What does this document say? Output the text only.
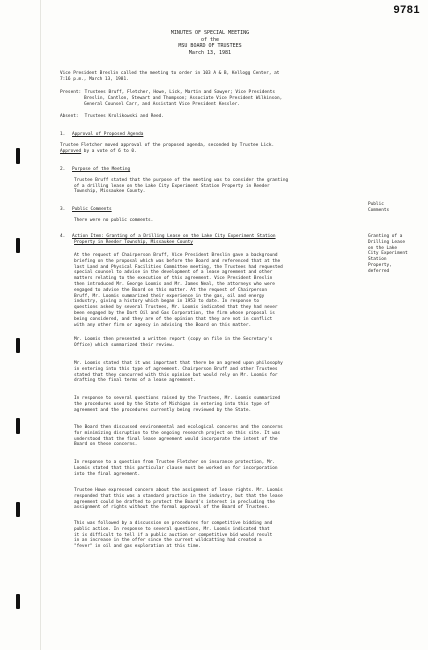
9781
MINUTES OF SPECIAL MEETING
of the
MSU BOARD OF TRUSTEES
March 13, 1981

Vice President Breslin called the meeting to order in 103 A & B, Kellogg Center, at

7:16 p.m., March 13, 1981.

Present: Trustees Bruff, Fletcher, Howe, Lick, Martin and Sawyer; Vice Presidents

Breslin, Cantlon, Stewart and Thompson; Associate Vice President Wilkinson,

General Counsel Carr, and Assistant Vice President Kessler.

Absent: Trustees Krolikowski and Reed.

1. Approval of Proposed Agenda

Trustee Fletcher moved approval of the proposed agenda, seconded by Trustee Lick.

Approved by a vote of 6 to 0.

2. Purpose of the Meeting

Trustee Bruff stated that the purpose of the meeting was to consider the granting

of a drilling lease on the Lake City Experiment Station Property in Reeder

Township, Missaukee County.

3. Public Comments

There were no public comments.

4. Action Item: Granting of a Drilling Lease on the Lake City Experiment Station

Property in Reeder Township, Missaukee County

At the request of Chairperson Bruff, Vice President Breslin gave a background

briefing on the proposal which was before the Board and referenced that at the

last Land and Physical Facilities Committee meeting, the Trustees had requested

special counsel to advise in the development of a lease agreement and other

matters relating to the execution of this agreement. Vice President Breslin

then introduced Mr. George Loomis and Mr. James Neal, the attorneys who were

engaged to advise the Board on this matter. At the request of Chairperson

Bruff, Mr. Loomis summarized their experience in the gas, oil and energy

industry, giving a history which began in 1953 to date. In response to

questions asked by several Trustees, Mr. Loomis indicated that they had never

been engaged by the Dart Oil and Gas Corporation, the firm whose proposal is

being considered, and they are of the opinion that they are not in conflict

with any other firm or agency in advising the Board on this matter.

Mr. Loomis then presented a written report (copy on file in the Secretary's

Office) which summarized their review.

Mr. Loomis stated that it was important that there be an agreed upon philosophy

in entering into this type of agreement. Chairperson Bruff and other Trustees

stated that they concurred with this opinion but would rely on Mr. Loomis for

drafting the final terms of a lease agreement.

In response to several questions raised by the Trustees, Mr. Loomis summarized

the procedures used by the State of Michigan in entering into this type of

agreement and the procedures currently being reviewed by the State.

The Board then discussed environmental and ecological concerns and the concerns

for minimizing disruption to the ongoing research project on this site. It was

understood that the final lease agreement would incorporate the intent of the

Board on these concerns.

In response to a question from Trustee Fletcher on insurance protection, Mr.

Loomis stated that this particular clause must be worked on for incorporation

into the final agreement.

Trustee Howe expressed concern about the assignment of lease rights. Mr. Loomis

responded that this was a standard practice in the industry, but that the lease

agreement could be drafted to protect the Board's interest in precluding the

assignment of rights without the formal approval of the Board of Trustees.

This was followed by a discussion on procedures for competitive bidding and

public action. In response to several questions, Mr. Loomis indicated that

it is difficult to tell if a public auction or competitive bid would result

in an increase in the offer since the current wildcatting had created a

"fever" in oil and gas exploration at this time.

Public
Comments
Granting of a
Drilling Lease
on the Lake
City Experiment
Station
Property,
deferred
